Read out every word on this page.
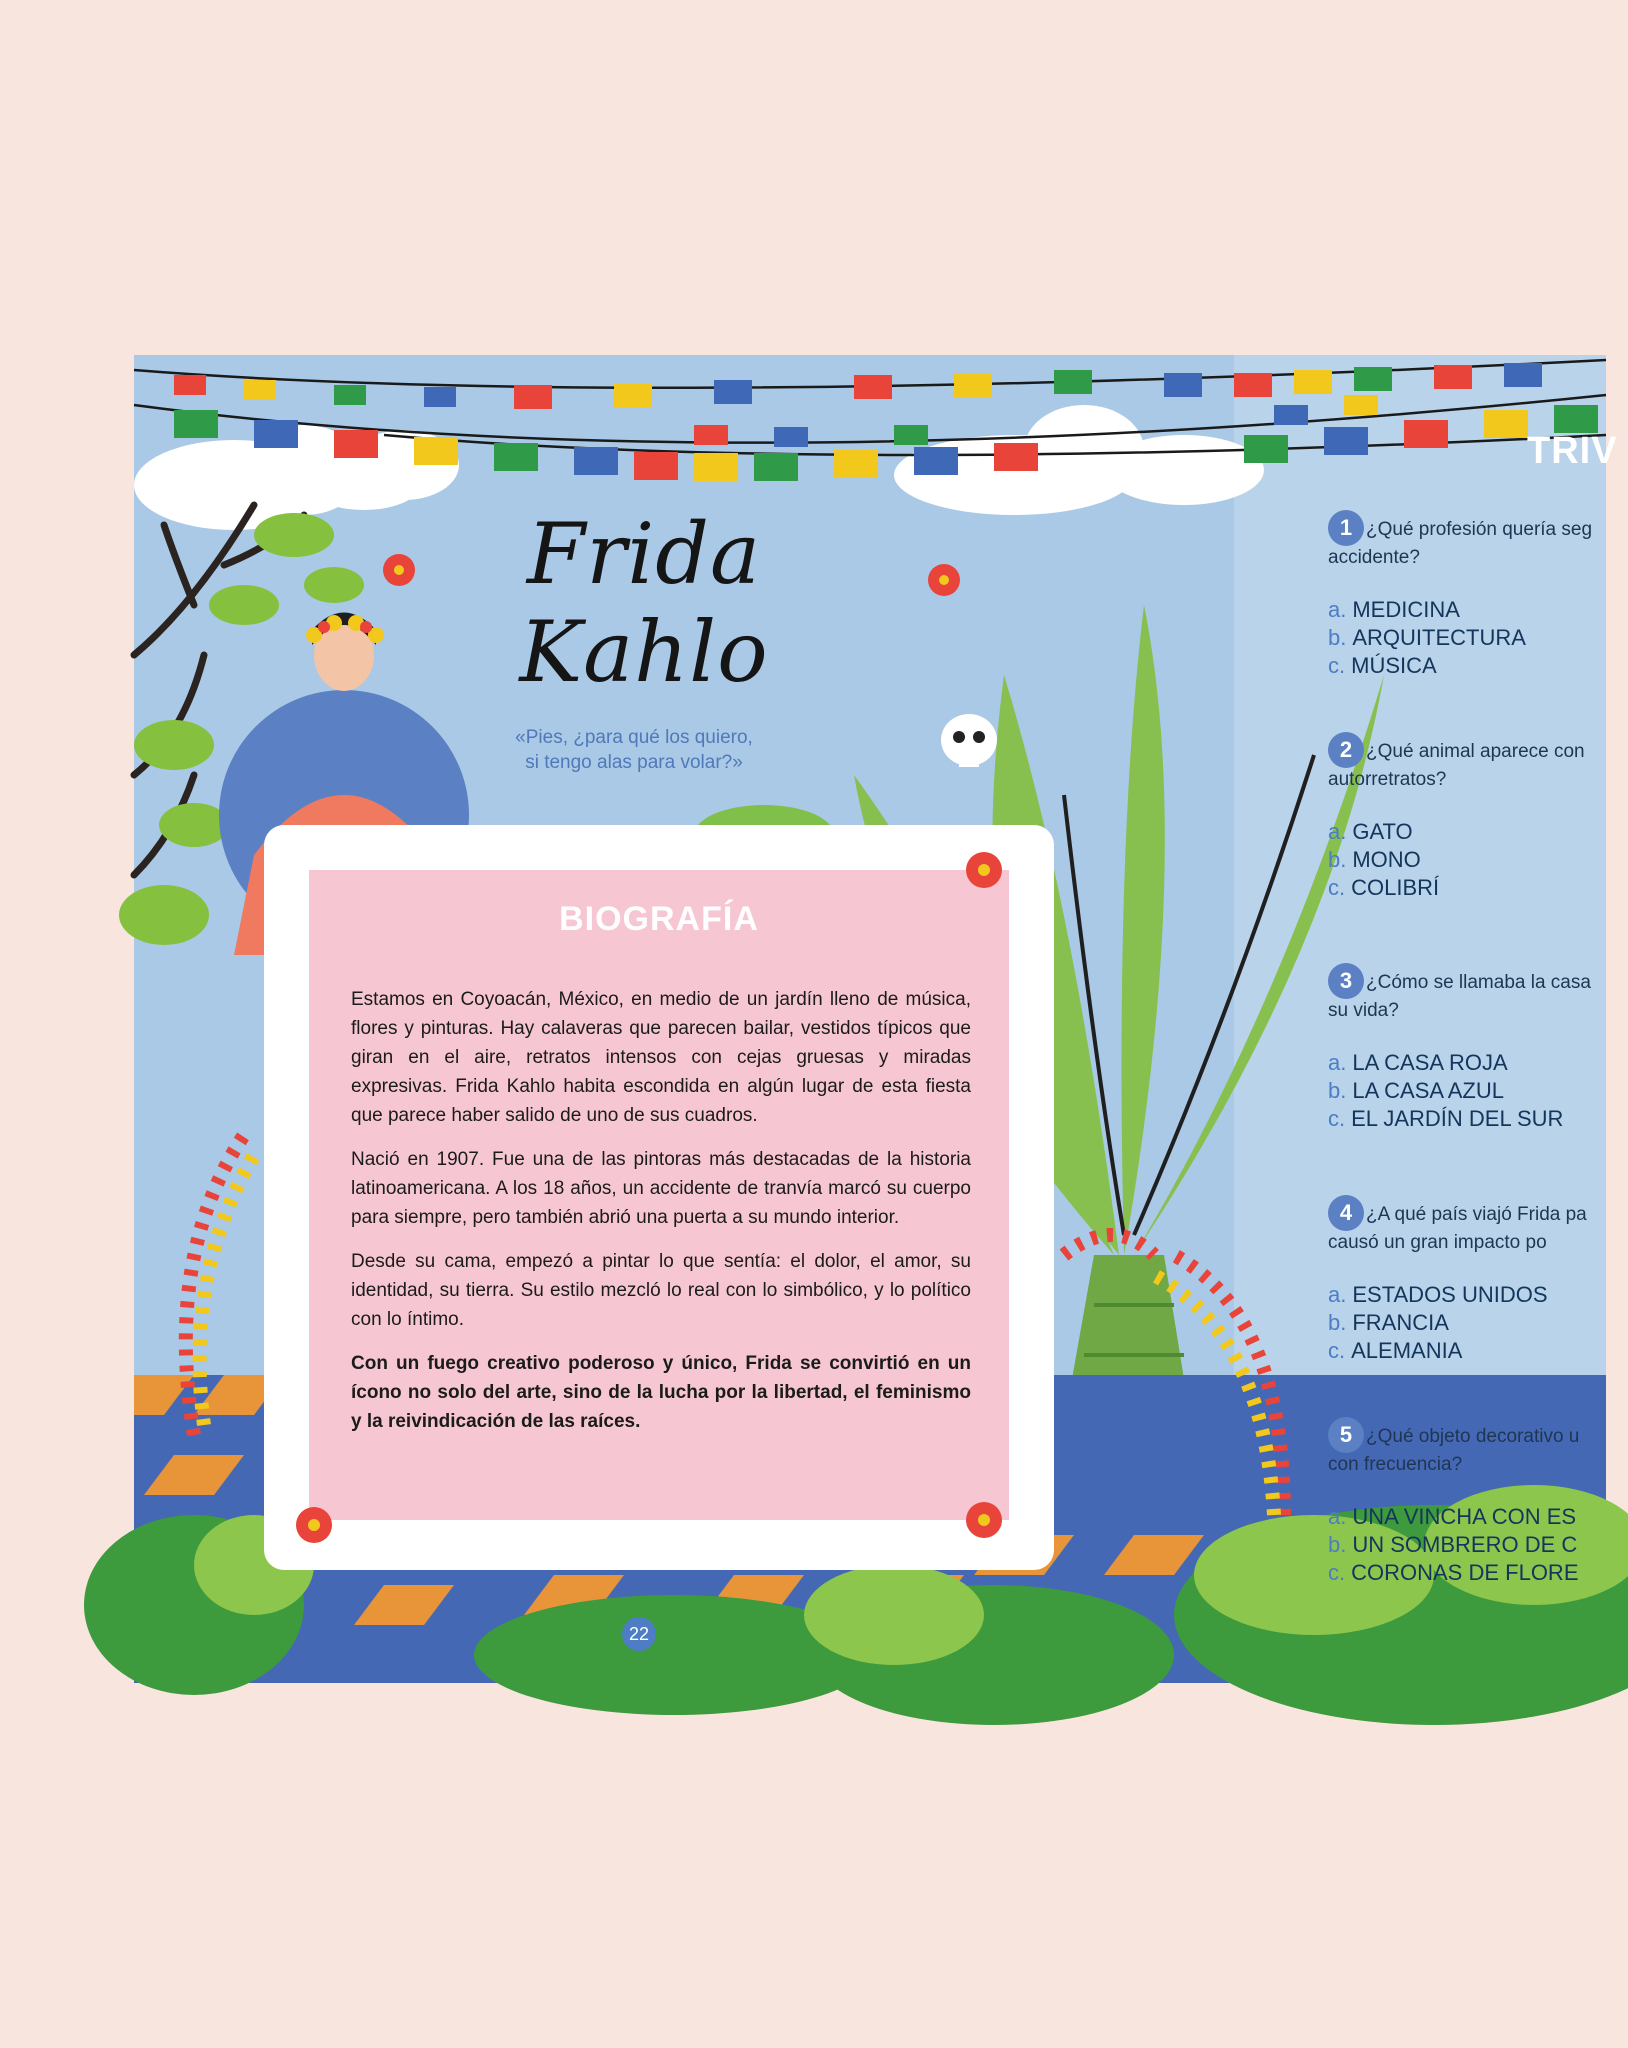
Frida Kahlo
«Pies, ¿para qué los quiero,
si tengo alas para volar?»
BIOGRAFÍA

Estamos en Coyoacán, México, en medio de un jardín lleno de música, flores y pinturas. Hay calaveras que parecen bailar, vestidos típicos que giran en el aire, retratos intensos con cejas gruesas y miradas expresivas. Frida Kahlo habita escondida en algún lugar de esta fiesta que parece haber salido de uno de sus cuadros.

Nació en 1907. Fue una de las pintoras más destacadas de la historia latinoamericana. A los 18 años, un accidente de tranvía marcó su cuerpo para siempre, pero también abrió una puerta a su mundo interior.

Desde su cama, empezó a pintar lo que sentía: el dolor, el amor, su identidad, su tierra. Su estilo mezcló lo real con lo simbólico, y lo político con lo íntimo.

Con un fuego creativo poderoso y único, Frida se convirtió en un ícono no solo del arte, sino de la lucha por la libertad, el feminismo y la reivindicación de las raíces.

22
TRIV
1 ¿Qué profesión quería seg
accidente?
a. MEDICINA
b. ARQUITECTURA
c. MÚSICA
2 ¿Qué animal aparece con
autorretratos?
a. GATO
b. MONO
c. COLIBRÍ
3 ¿Cómo se llamaba la casa
su vida?
a. LA CASA ROJA
b. LA CASA AZUL
c. EL JARDÍN DEL SUR
4 ¿A qué país viajó Frida pa
causó un gran impacto po
a. ESTADOS UNIDOS
b. FRANCIA
c. ALEMANIA
5 ¿Qué objeto decorativo u
con frecuencia?
a. UNA VINCHA CON ES
b. UN SOMBRERO DE C
c. CORONAS DE FLORE
